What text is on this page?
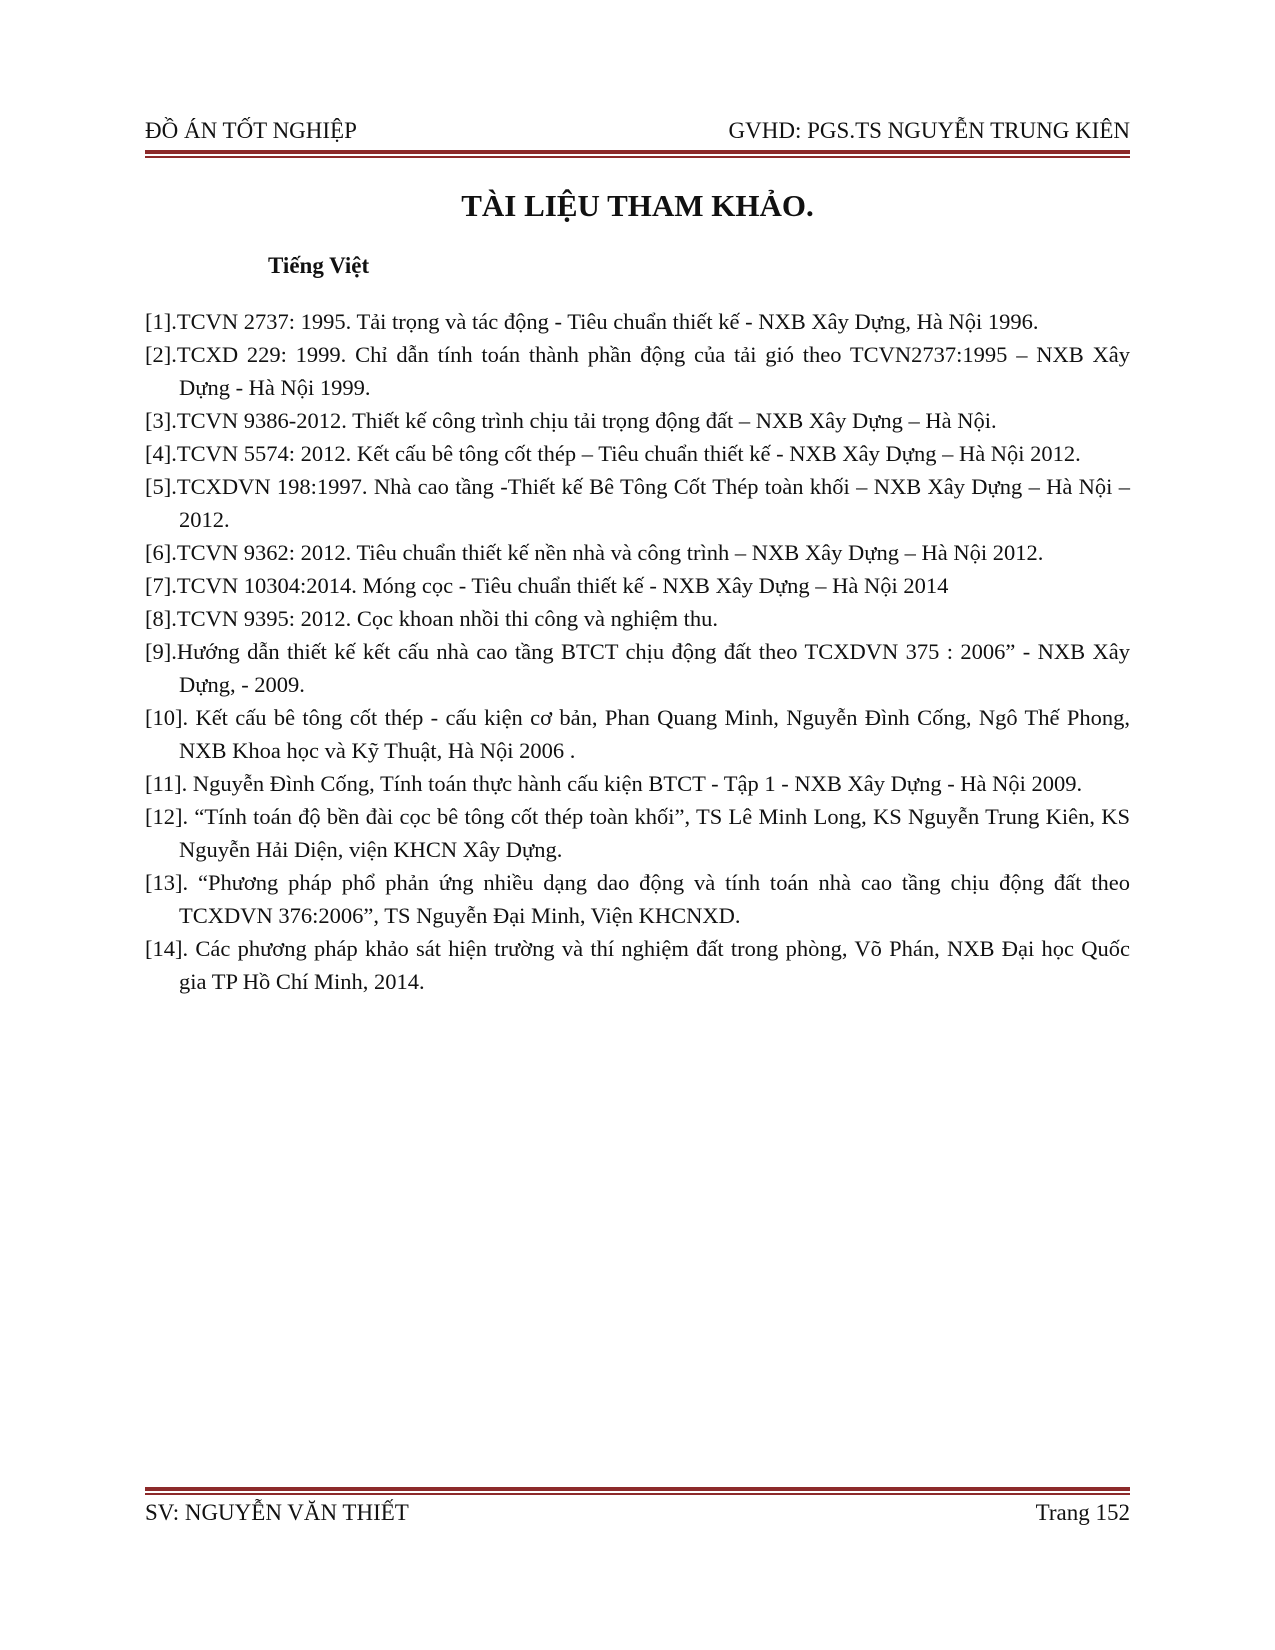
ĐỒ ÁN TỐT NGHIỆP	GVHD: PGS.TS NGUYỄN TRUNG KIÊN
TÀI LIỆU THAM KHẢO.
Tiếng Việt
[1].TCVN 2737: 1995. Tải trọng và tác động - Tiêu chuẩn thiết kế - NXB Xây Dựng, Hà Nội 1996.
[2].TCXD 229: 1999. Chỉ dẫn tính toán thành phần động của tải gió theo TCVN2737:1995 – NXB Xây Dựng - Hà Nội 1999.
[3].TCVN 9386-2012. Thiết kế công trình chịu tải trọng động đất – NXB Xây Dựng – Hà Nội.
[4].TCVN 5574: 2012. Kết cấu bê tông cốt thép – Tiêu chuẩn thiết kế - NXB Xây Dựng – Hà Nội 2012.
[5].TCXDVN 198:1997. Nhà cao tầng -Thiết kế Bê Tông Cốt Thép toàn khối – NXB Xây Dựng – Hà Nội – 2012.
[6].TCVN 9362: 2012. Tiêu chuẩn thiết kế nền nhà và công trình – NXB Xây Dựng – Hà Nội 2012.
[7].TCVN 10304:2014. Móng cọc - Tiêu chuẩn thiết kế - NXB Xây Dựng – Hà Nội 2014
[8].TCVN 9395: 2012. Cọc khoan nhồi thi công và nghiệm thu.
[9].Hướng dẫn thiết kế kết cấu nhà cao tầng BTCT chịu động đất theo TCXDVN 375 : 2006” - NXB Xây Dựng, - 2009.
[10]. Kết cấu bê tông cốt thép - cấu kiện cơ bản, Phan Quang Minh, Nguyễn Đình Cống, Ngô Thế Phong, NXB Khoa học và Kỹ Thuật, Hà Nội 2006 .
[11]. Nguyễn Đình Cống, Tính toán thực hành cấu kiện BTCT - Tập 1 - NXB Xây Dựng - Hà Nội 2009.
[12]. “Tính toán độ bền đài cọc bê tông cốt thép toàn khối”, TS Lê Minh Long, KS Nguyễn Trung Kiên, KS Nguyễn Hải Diện, viện KHCN Xây Dựng.
[13]. “Phương pháp phổ phản ứng nhiều dạng dao động và tính toán nhà cao tầng chịu động đất theo TCXDVN 376:2006”, TS Nguyễn Đại Minh, Viện KHCNXD.
[14]. Các phương pháp khảo sát hiện trường và thí nghiệm đất trong phòng, Võ Phán, NXB Đại học Quốc gia TP Hồ Chí Minh, 2014.
SV: NGUYỄN VĂN THIẾT	Trang 152
